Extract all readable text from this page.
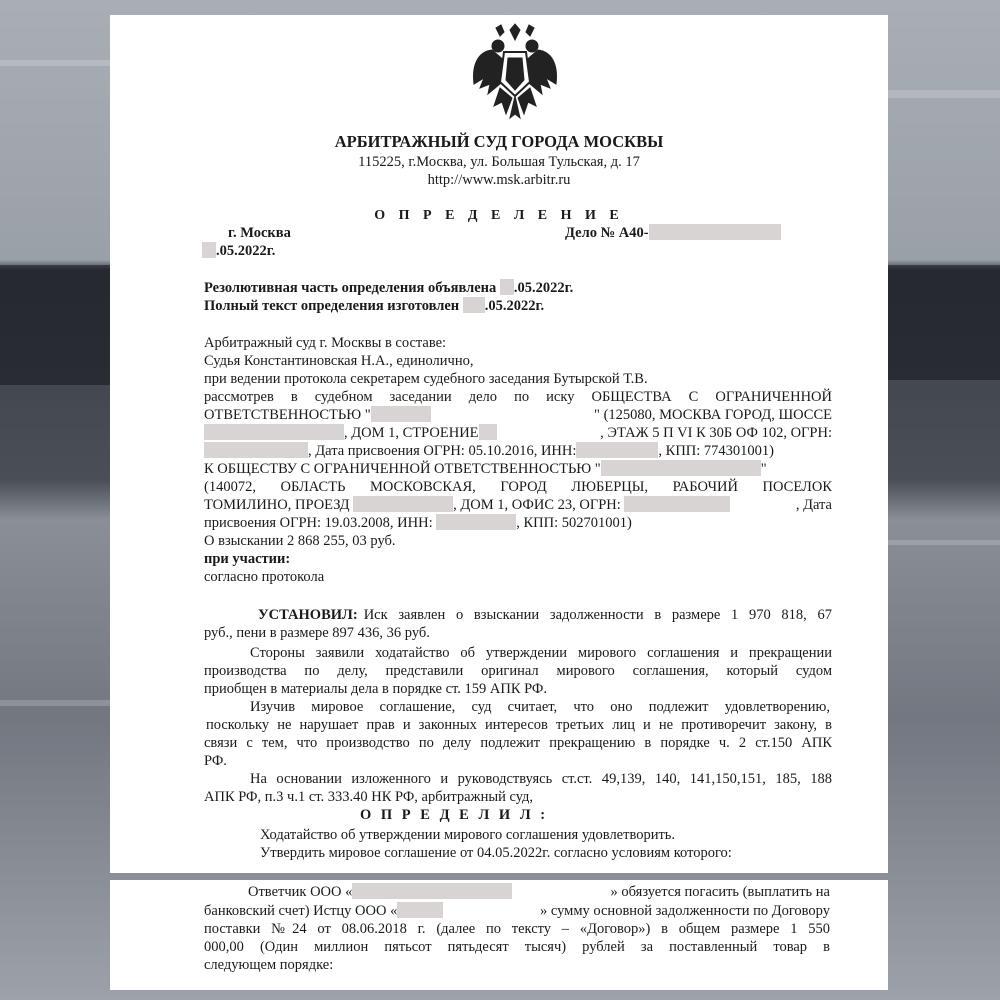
АРБИТРАЖНЫЙ СУД ГОРОДА МОСКВЫ
115225, г.Москва, ул. Большая Тульская, д. 17
http://www.msk.arbitr.ru
О П Р Е Д Е Л Е Н И Е
г. Москва	Дело № А40-
.05.2022г.
Резолютивная часть определения объявлена .05.2022г.
Полный текст определения изготовлен .05.2022г.
Арбитражный суд г. Москвы в составе:
Судья Константиновская Н.А., единолично,
при ведении протокола секретарем судебного заседания Бутырской Т.В.
рассмотрев в судебном заседании дело по иску ОБЩЕСТВА С ОГРАНИЧЕННОЙ
ОТВЕТСТВЕННОСТЬЮ "	" (125080, МОСКВА ГОРОД, ШОССЕ
, ДОМ 1, СТРОЕНИЕ	, ЭТАЖ 5 П VI К 30Б ОФ 102, ОГРН:
, Дата присвоения ОГРН: 05.10.2016, ИНН:	, КПП: 774301001)
К ОБЩЕСТВУ С ОГРАНИЧЕННОЙ ОТВЕТСТВЕННОСТЬЮ "	"
(140072, ОБЛАСТЬ МОСКОВСКАЯ, ГОРОД ЛЮБЕРЦЫ, РАБОЧИЙ ПОСЕЛОК
ТОМИЛИНО, ПРОЕЗД	, ДОМ 1, ОФИС 23, ОГРН:	, Дата
присвоения ОГРН: 19.03.2008, ИНН:	, КПП: 502701001)
О взыскании 2 868 255, 03 руб.
при участии:
согласно протокола
УСТАНОВИЛ: Иск заявлен о взыскании задолженности в размере 1 970 818, 67
руб., пени в размере 897 436, 36 руб.
Стороны заявили ходатайство об утверждении мирового соглашения и прекращении
производства по делу, представили оригинал мирового соглашения, который судом
приобщен в материалы дела в порядке ст. 159 АПК РФ.
Изучив мировое соглашение, суд считает, что оно подлежит удовлетворению,
поскольку не нарушает прав и законных интересов третьих лиц и не противоречит закону, в
связи с тем, что производство по делу подлежит прекращению в порядке ч. 2 ст.150 АПК
РФ.
На основании изложенного и руководствуясь ст.ст. 49,139, 140, 141,150,151, 185, 188
АПК РФ, п.3 ч.1 ст. 333.40 НК РФ, арбитражный суд,
О П Р Е Д Е Л И Л :
Ходатайство об утверждении мирового соглашения удовлетворить.
Утвердить мировое соглашение от 04.05.2022г. согласно условиям которого:
Ответчик ООО «	» обязуется погасить (выплатить на
банковский счет) Истцу ООО «	» сумму основной задолженности по Договору
поставки №24 от 08.06.2018 г. (далее по тексту – «Договор») в общем размере 1 550
000,00 (Один миллион пятьсот пятьдесят тысяч) рублей за поставленный товар в
следующем порядке:
